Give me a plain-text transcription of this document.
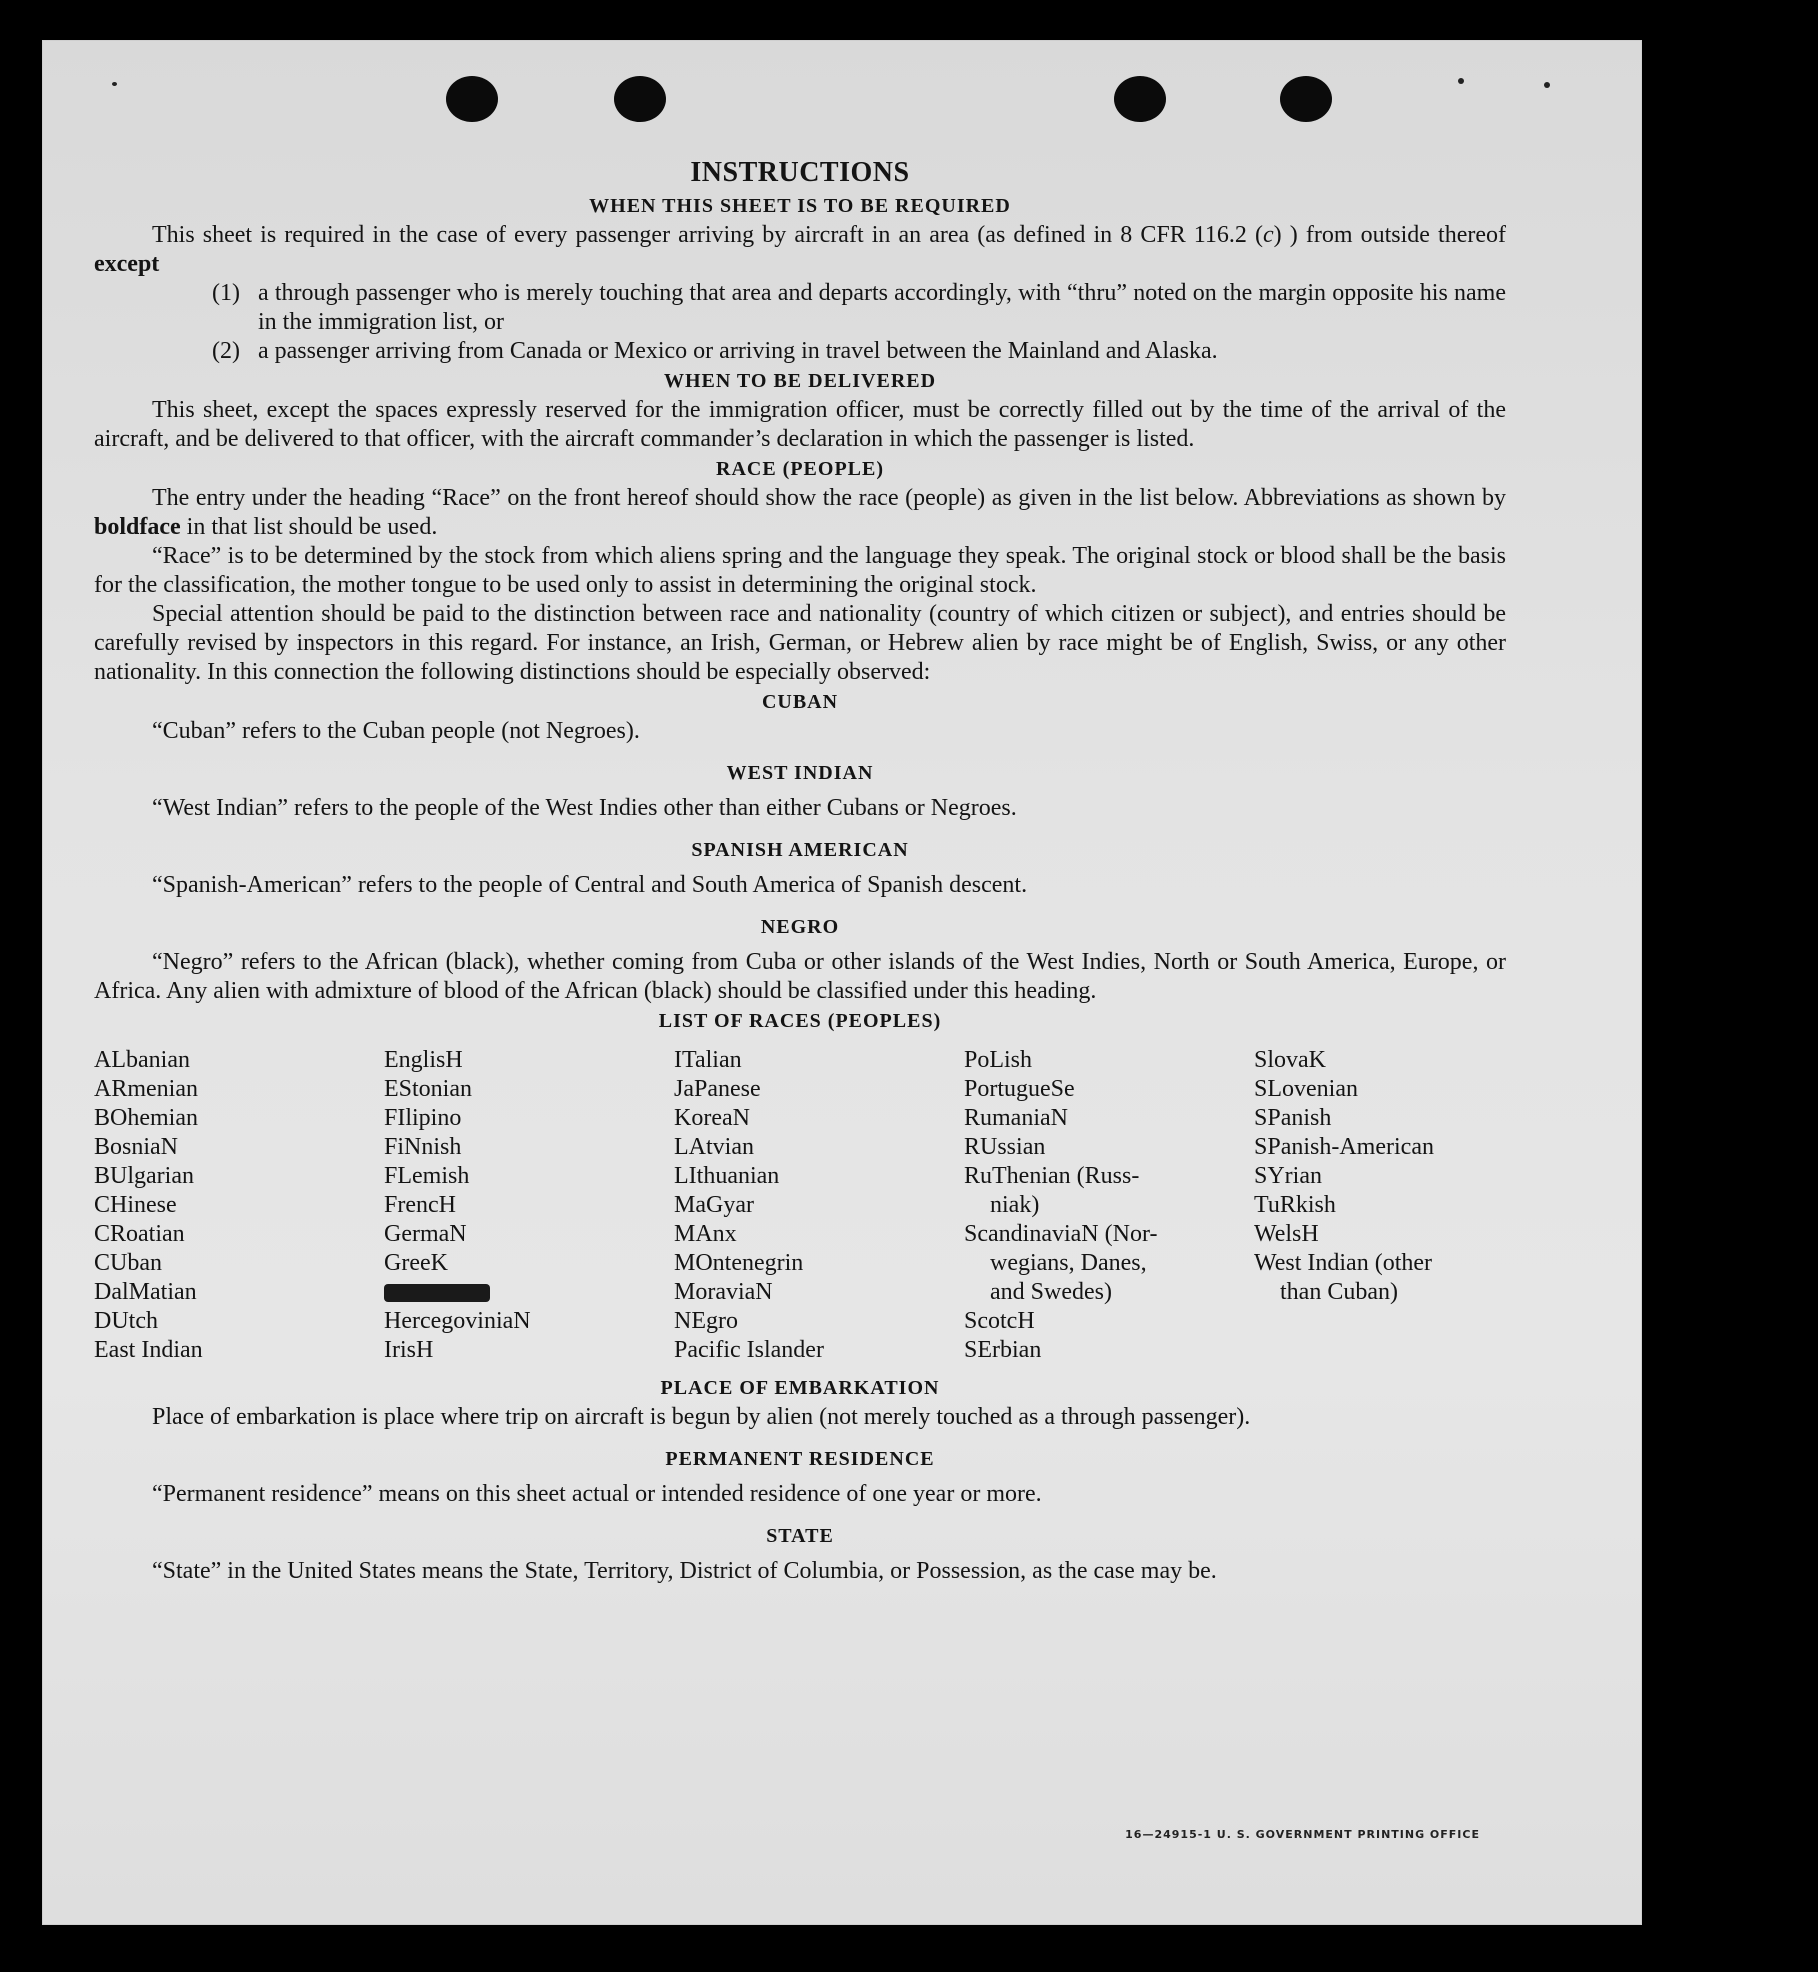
INSTRUCTIONS
WHEN THIS SHEET IS TO BE REQUIRED

This sheet is required in the case of every passenger arriving by aircraft in an area (as defined in 8 CFR 116.2 (c) ) from outside thereof except

(1) a through passenger who is merely touching that area and departs accordingly, with “thru” noted on the margin opposite his name in the immigration list, or
(2) a passenger arriving from Canada or Mexico or arriving in travel between the Mainland and Alaska.
WHEN TO BE DELIVERED

This sheet, except the spaces expressly reserved for the immigration officer, must be correctly filled out by the time of the arrival of the aircraft, and be delivered to that officer, with the aircraft commander’s declaration in which the passenger is listed.

RACE (PEOPLE)

The entry under the heading “Race” on the front hereof should show the race (people) as given in the list below. Abbreviations as shown by boldface in that list should be used.

“Race” is to be determined by the stock from which aliens spring and the language they speak. The original stock or blood shall be the basis for the classification, the mother tongue to be used only to assist in determining the original stock.

Special attention should be paid to the distinction between race and nationality (country of which citizen or subject), and entries should be carefully revised by inspectors in this regard. For instance, an Irish, German, or Hebrew alien by race might be of English, Swiss, or any other nationality. In this connection the following distinctions should be especially observed:

CUBAN

“Cuban” refers to the Cuban people (not Negroes).

WEST INDIAN

“West Indian” refers to the people of the West Indies other than either Cubans or Negroes.

SPANISH AMERICAN

“Spanish-American” refers to the people of Central and South America of Spanish descent.

NEGRO

“Negro” refers to the African (black), whether coming from Cuba or other islands of the West Indies, North or South America, Europe, or Africa. Any alien with admixture of blood of the African (black) should be classified under this heading.

LIST OF RACES (PEOPLES)
ALbanian
ARmenian
BOhemian
BosniaN
BUlgarian
CHinese
CRoatian
CUban
DalMatian
DUtch
East Indian
EnglisH
EStonian
FIlipino
FiNnish
FLemish
FrencH
GermaN
GreeK
HercegoviniaN
IrisH
ITalian
JaPanese
KoreaN
LAtvian
LIthuanian
MaGyar
MAnx
MOntenegrin
MoraviaN
NEgro
Pacific Islander
PoLish
PortugueSe
RumaniaN
RUssian
RuThenian (Russ-
niak)
ScandinaviaN (Nor-
wegians, Danes,
and Swedes)
ScotcH
SErbian
SlovaK
SLovenian
SPanish
SPanish-American
SYrian
TuRkish
WelsH
West Indian (other
than Cuban)
PLACE OF EMBARKATION

Place of embarkation is place where trip on aircraft is begun by alien (not merely touched as a through passenger).

PERMANENT RESIDENCE

“Permanent residence” means on this sheet actual or intended residence of one year or more.

STATE

“State” in the United States means the State, Territory, District of Columbia, or Possession, as the case may be.

16—24915-1 U. S. GOVERNMENT PRINTING OFFICE
